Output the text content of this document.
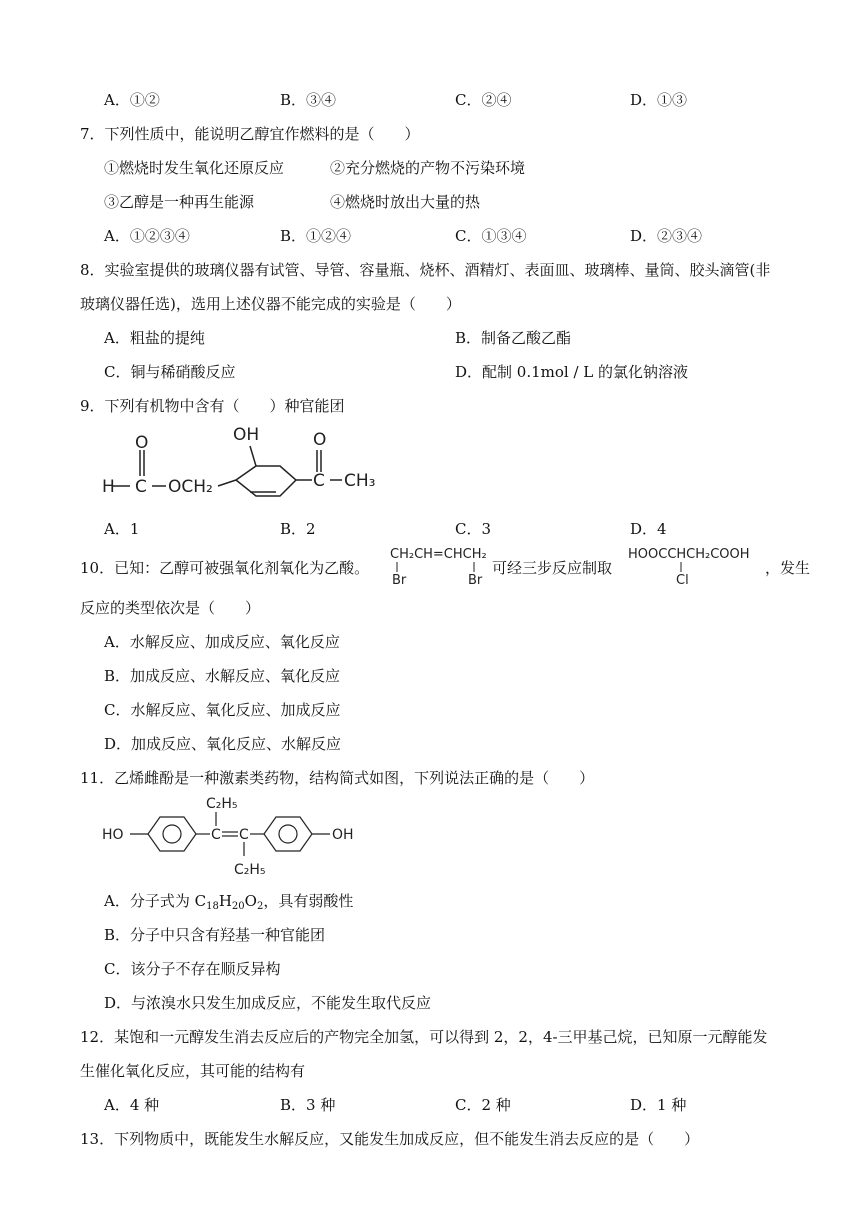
A．①②	B．③④	C．②④	D．①③
7．下列性质中，能说明乙醇宜作燃料的是（　　）
①燃烧时发生氧化还原反应	②充分燃烧的产物不污染环境
③乙醇是一种再生能源	④燃烧时放出大量的热
A．①②③④	B．①②④	C．①③④	D．②③④
8．实验室提供的玻璃仪器有试管、导管、容量瓶、烧杯、酒精灯、表面皿、玻璃棒、量筒、胶头滴管(非
玻璃仪器任选)，选用上述仪器不能完成的实验是（　　）
A．粗盐的提纯	B．制备乙酸乙酯
C．铜与稀硝酸反应	D．配制 0.1mol / L 的氯化钠溶液
9．下列有机物中含有（　　）种官能团
OH
O	O
H C OCH₂	C CH₃
A．1	B．2	C．3	D．4
10．已知：乙醇可被强氧化剂氧化为乙酸。
CH₂CH=CHCH₂
Br	Br
可经三步反应制取
HOOCCHCH₂COOH
Cl
，发生
反应的类型依次是（　　）
A．水解反应、加成反应、氧化反应
B．加成反应、水解反应、氧化反应
C．水解反应、氧化反应、加成反应
D．加成反应、氧化反应、水解反应
11．乙烯雌酚是一种激素类药物，结构简式如图，下列说法正确的是（　　）
HO	OH
C C
C₂H₅
C₂H₅
A．分子式为 $C_{18}H_{20}O_2$，具有弱酸性
B．分子中只含有羟基一种官能团
C．该分子不存在顺反异构
D．与浓溴水只发生加成反应，不能发生取代反应
12．某饱和一元醇发生消去反应后的产物完全加氢，可以得到 2，2，4-三甲基己烷，已知原一元醇能发
生催化氧化反应，其可能的结构有
A．4 种	B．3 种	C．2 种	D．1 种
13．下列物质中，既能发生水解反应，又能发生加成反应，但不能发生消去反应的是（　　）
